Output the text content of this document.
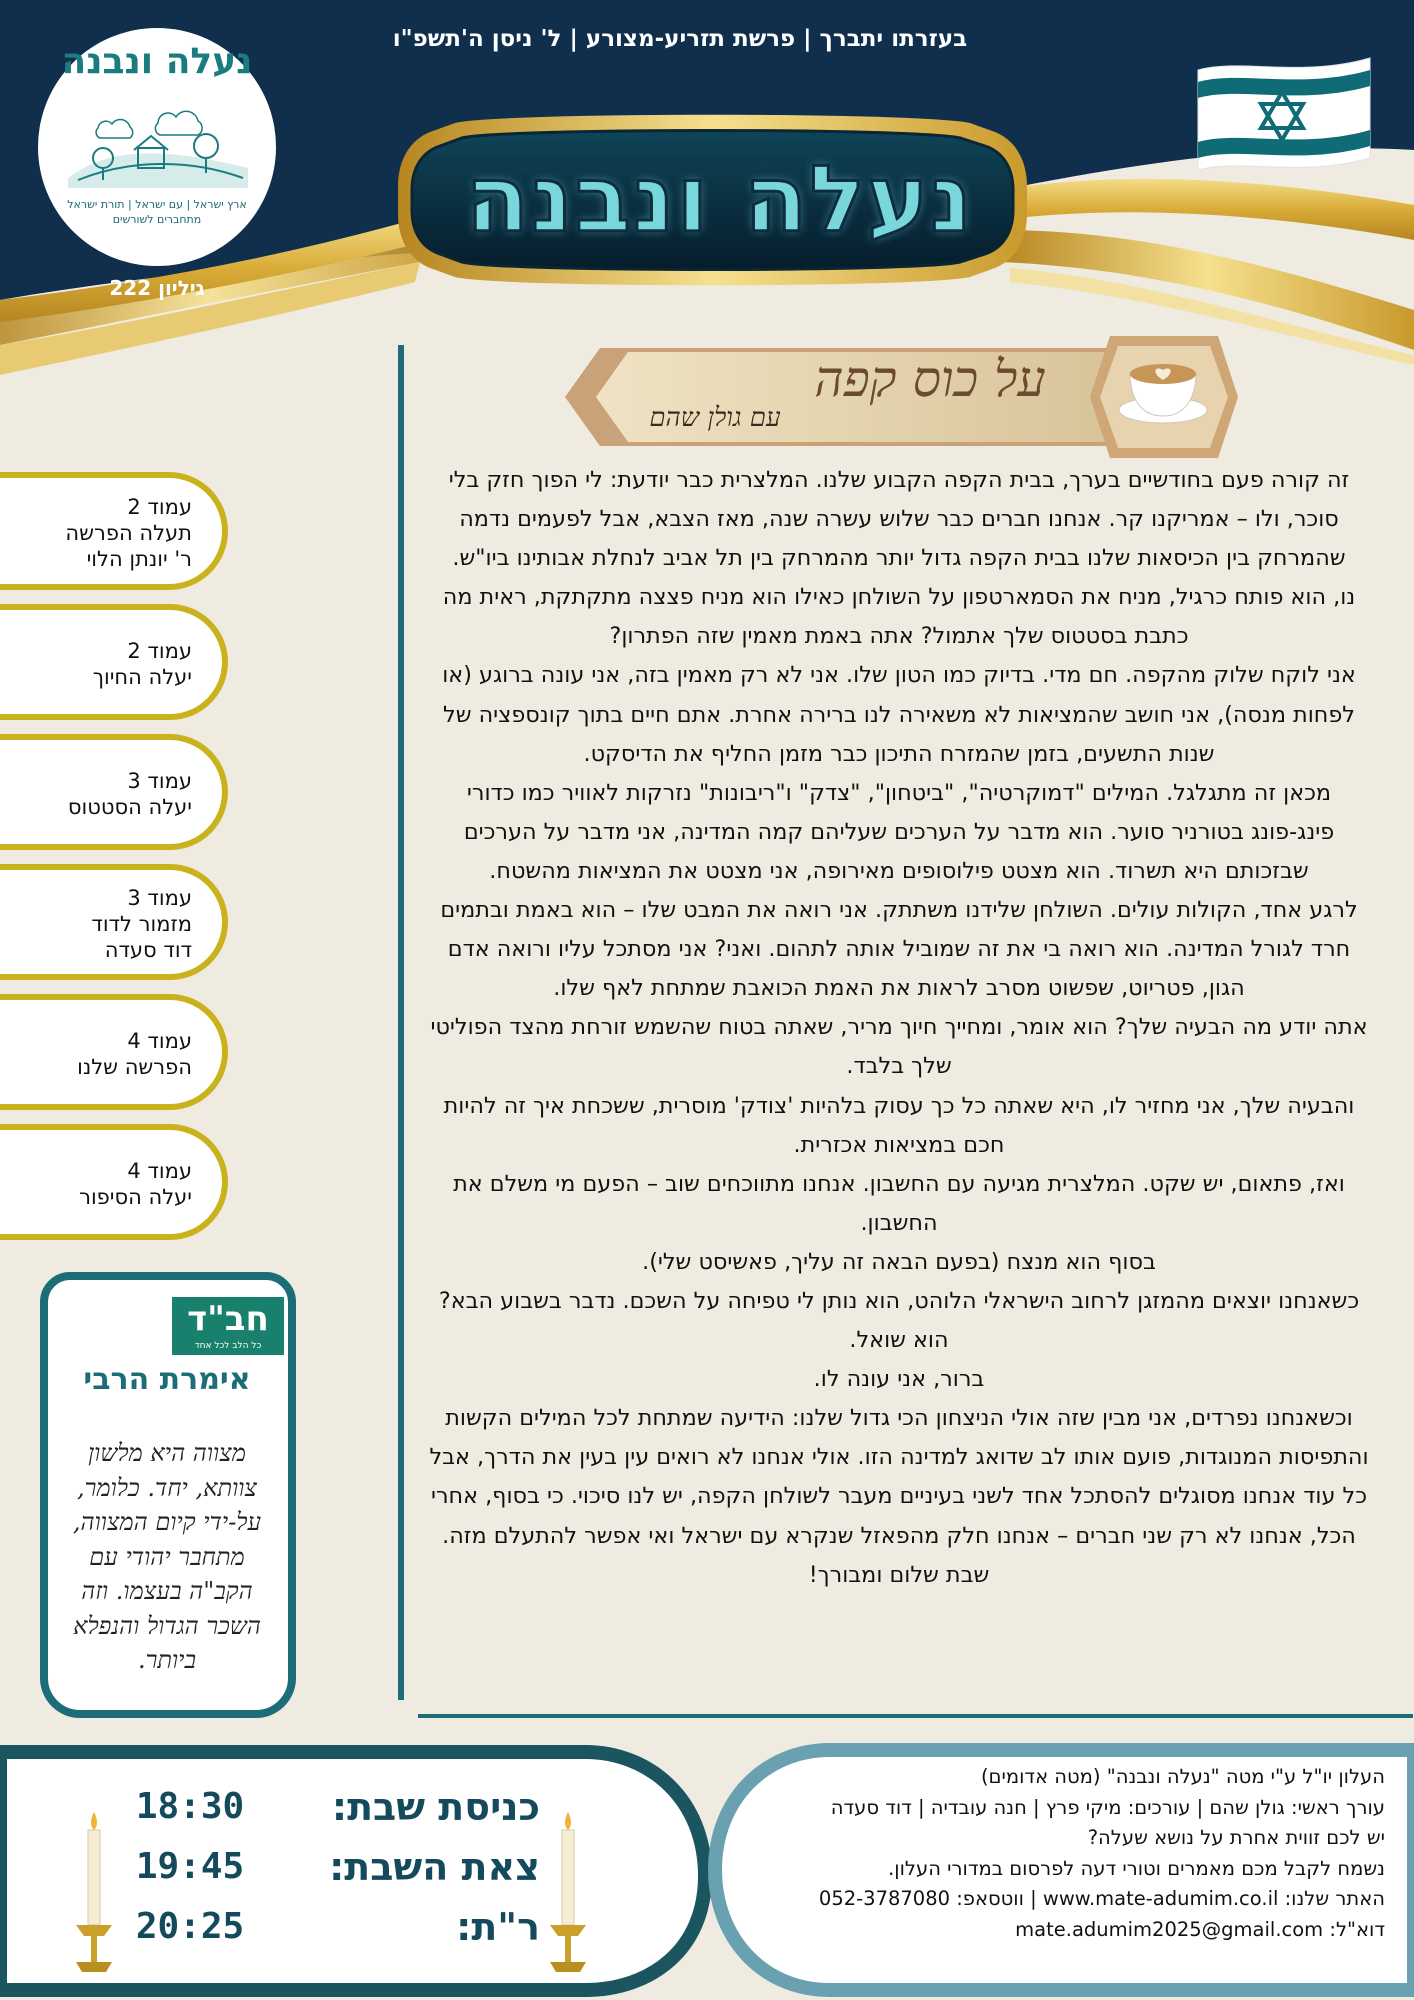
בעזרתו יתברך | פרשת תזריע-מצורע | ל' ניסן ה'תשפ"ו
נעלה ונבנה
נעלה ונבנה
ארץ ישראל | עם ישראל | תורת ישראל
מתחברים לשורשים
גיליון 222
על כוס קפה
עם גולן שהם

זה קורה פעם בחודשיים בערך, בבית הקפה הקבוע שלנו. המלצרית כבר יודעת: לי הפוך חזק בלי סוכר, ולו – אמריקנו קר. אנחנו חברים כבר שלוש עשרה שנה, מאז הצבא, אבל לפעמים נדמה שהמרחק בין הכיסאות שלנו בבית הקפה גדול יותר מהמרחק בין תל אביב לנחלת אבותינו ביו"ש.

נו, הוא פותח כרגיל, מניח את הסמארטפון על השולחן כאילו הוא מניח פצצה מתקתקת, ראית מה כתבת בסטטוס שלך אתמול? אתה באמת מאמין שזה הפתרון?

אני לוקח שלוק מהקפה. חם מדי. בדיוק כמו הטון שלו. אני לא רק מאמין בזה, אני עונה ברוגע (או לפחות מנסה), אני חושב שהמציאות לא משאירה לנו ברירה אחרת. אתם חיים בתוך קונספציה של שנות התשעים, בזמן שהמזרח התיכון כבר מזמן החליף את הדיסקט.

מכאן זה מתגלגל. המילים "דמוקרטיה", "ביטחון", "צדק" ו"ריבונות" נזרקות לאוויר כמו כדורי פינג-פונג בטורניר סוער. הוא מדבר על הערכים שעליהם קמה המדינה, אני מדבר על הערכים שבזכותם היא תשרוד. הוא מצטט פילוסופים מאירופה, אני מצטט את המציאות מהשטח.

לרגע אחד, הקולות עולים. השולחן שלידנו משתתק. אני רואה את המבט שלו – הוא באמת ובתמים חרד לגורל המדינה. הוא רואה בי את זה שמוביל אותה לתהום. ואני? אני מסתכל עליו ורואה אדם הגון, פטריוט, שפשוט מסרב לראות את האמת הכואבת שמתחת לאף שלו.

אתה יודע מה הבעיה שלך? הוא אומר, ומחייך חיוך מריר, שאתה בטוח שהשמש זורחת מהצד הפוליטי שלך בלבד.

והבעיה שלך, אני מחזיר לו, היא שאתה כל כך עסוק בלהיות 'צודק' מוסרית, ששכחת איך זה להיות חכם במציאות אכזרית.

ואז, פתאום, יש שקט. המלצרית מגיעה עם החשבון. אנחנו מתווכחים שוב – הפעם מי משלם את החשבון.

בסוף הוא מנצח (בפעם הבאה זה עליך, פאשיסט שלי).

כשאנחנו יוצאים מהמזגן לרחוב הישראלי הלוהט, הוא נותן לי טפיחה על השכם. נדבר בשבוע הבא? הוא שואל.

ברור, אני עונה לו.

וכשאנחנו נפרדים, אני מבין שזה אולי הניצחון הכי גדול שלנו: הידיעה שמתחת לכל המילים הקשות והתפיסות המנוגדות, פועם אותו לב שדואג למדינה הזו. אולי אנחנו לא רואים עין בעין את הדרך, אבל כל עוד אנחנו מסוגלים להסתכל אחד לשני בעיניים מעבר לשולחן הקפה, יש לנו סיכוי. כי בסוף, אחרי הכל, אנחנו לא רק שני חברים – אנחנו חלק מהפאזל שנקרא עם ישראל ואי אפשר להתעלם מזה.

שבת שלום ומבורך!

עמוד 2
תעלה הפרשה
ר' יונתן הלוי
עמוד 2
יעלה החיוך
עמוד 3
יעלה הסטטוס
עמוד 3
מזמור לדוד
דוד סעדה
עמוד 4
הפרשה שלנו
עמוד 4
יעלה הסיפור
חב"ד
כל הלב לכל אחד
אימרת הרבי
מצווה היא מלשון צוותא, יחד. כלומר, על-ידי קיום המצווה, מתחבר יהודי עם הקב"ה בעצמו. וזה השכר הגדול והנפלא ביותר.

העלון יו"ל ע"י מטה "נעלה ונבנה" (מטה אדומים)

עורך ראשי: גולן שהם | עורכים: מיקי פרץ | חנה עובדיה | דוד סעדה

יש לכם זווית אחרת על נושא שעלה?

נשמח לקבל מכם מאמרים וטורי דעה לפרסום במדורי העלון.

האתר שלנו: www.mate-adumim.co.il | ווטסאפ: 052-3787080

דוא"ל: mate.adumim2025@gmail.com

כניסת שבת:
18:30
צאת השבת:
19:45
ר"ת:
20:25
